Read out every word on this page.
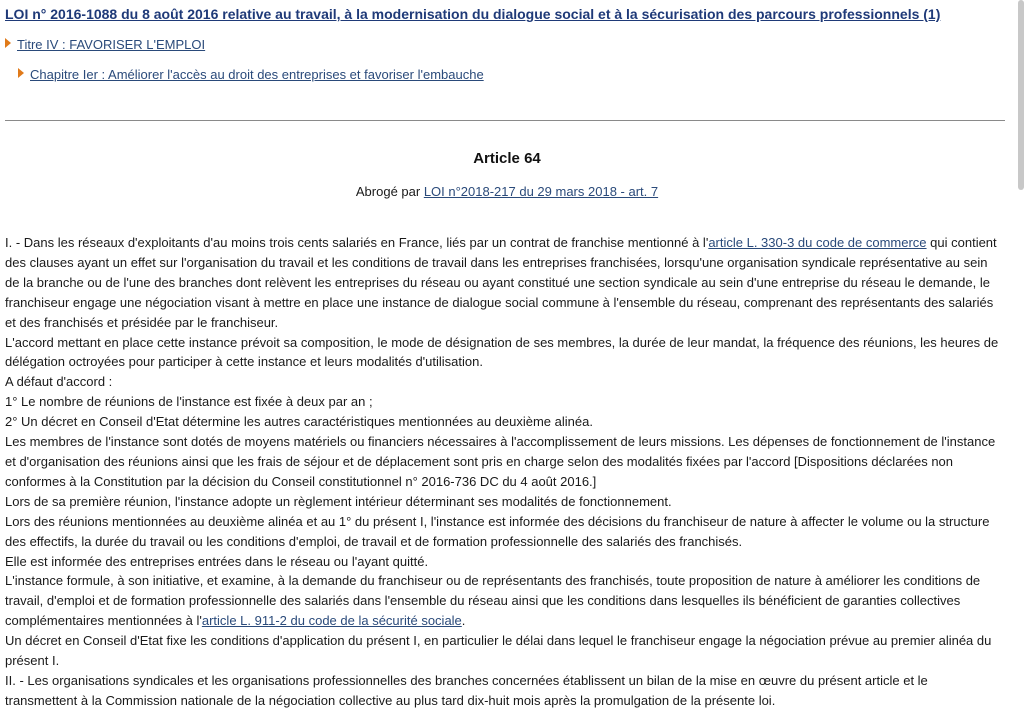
LOI n° 2016-1088 du 8 août 2016 relative au travail, à la modernisation du dialogue social et à la sécurisation des parcours professionnels (1)
Titre IV : FAVORISER L'EMPLOI
Chapitre Ier : Améliorer l'accès au droit des entreprises et favoriser l'embauche
Article 64
Abrogé par LOI n°2018-217 du 29 mars 2018 - art. 7

I. - Dans les réseaux d'exploitants d'au moins trois cents salariés en France, liés par un contrat de franchise mentionné à l'article L. 330-3 du code de commerce qui contient des clauses ayant un effet sur l'organisation du travail et les conditions de travail dans les entreprises franchisées, lorsqu'une organisation syndicale représentative au sein de la branche ou de l'une des branches dont relèvent les entreprises du réseau ou ayant constitué une section syndicale au sein d'une entreprise du réseau le demande, le franchiseur engage une négociation visant à mettre en place une instance de dialogue social commune à l'ensemble du réseau, comprenant des représentants des salariés et des franchisés et présidée par le franchiseur.

L'accord mettant en place cette instance prévoit sa composition, le mode de désignation de ses membres, la durée de leur mandat, la fréquence des réunions, les heures de délégation octroyées pour participer à cette instance et leurs modalités d'utilisation.

A défaut d'accord :

1° Le nombre de réunions de l'instance est fixée à deux par an ;

2° Un décret en Conseil d'Etat détermine les autres caractéristiques mentionnées au deuxième alinéa.

Les membres de l'instance sont dotés de moyens matériels ou financiers nécessaires à l'accomplissement de leurs missions. Les dépenses de fonctionnement de l'instance et d'organisation des réunions ainsi que les frais de séjour et de déplacement sont pris en charge selon des modalités fixées par l'accord [Dispositions déclarées non conformes à la Constitution par la décision du Conseil constitutionnel n° 2016-736 DC du 4 août 2016.]

Lors de sa première réunion, l'instance adopte un règlement intérieur déterminant ses modalités de fonctionnement.

Lors des réunions mentionnées au deuxième alinéa et au 1° du présent I, l'instance est informée des décisions du franchiseur de nature à affecter le volume ou la structure des effectifs, la durée du travail ou les conditions d'emploi, de travail et de formation professionnelle des salariés des franchisés.

Elle est informée des entreprises entrées dans le réseau ou l'ayant quitté.

L'instance formule, à son initiative, et examine, à la demande du franchiseur ou de représentants des franchisés, toute proposition de nature à améliorer les conditions de travail, d'emploi et de formation professionnelle des salariés dans l'ensemble du réseau ainsi que les conditions dans lesquelles ils bénéficient de garanties collectives complémentaires mentionnées à l'article L. 911-2 du code de la sécurité sociale.

Un décret en Conseil d'Etat fixe les conditions d'application du présent I, en particulier le délai dans lequel le franchiseur engage la négociation prévue au premier alinéa du présent I.

II. - Les organisations syndicales et les organisations professionnelles des branches concernées établissent un bilan de la mise en œuvre du présent article et le transmettent à la Commission nationale de la négociation collective au plus tard dix-huit mois après la promulgation de la présente loi.
